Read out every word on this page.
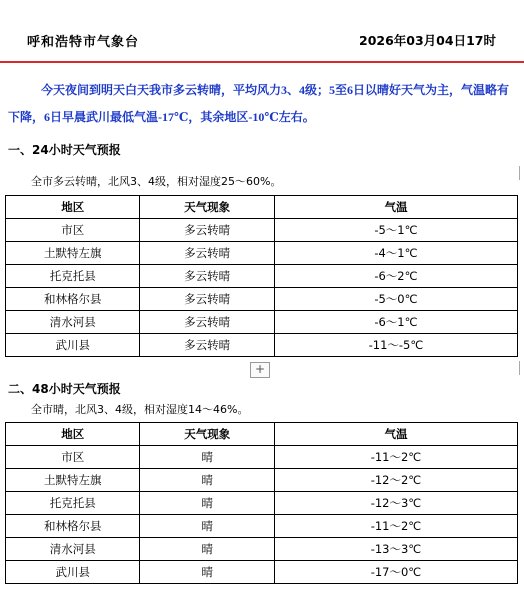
呼和浩特市气象台	2026年03月04日17时
今天夜间到明天白天我市多云转晴，平均风力3、4级；5至6日以晴好天气为主，气温略有下降，6日早晨武川最低气温-17℃，其余地区-10℃左右。
一、24小时天气预报
全市多云转晴，北风3、4级，相对湿度25～60%。
地区	天气现象	气温
市区	多云转晴	-5～1℃
土默特左旗	多云转晴	-4～1℃
托克托县	多云转晴	-6～2℃
和林格尔县	多云转晴	-5～0℃
清水河县	多云转晴	-6～1℃
武川县	多云转晴	-11～-5℃
+
二、48小时天气预报
全市晴，北风3、4级，相对湿度14～46%。
地区	天气现象	气温
市区	晴	-11～2℃
土默特左旗	晴	-12～2℃
托克托县	晴	-12～3℃
和林格尔县	晴	-11～2℃
清水河县	晴	-13～3℃
武川县	晴	-17～0℃
